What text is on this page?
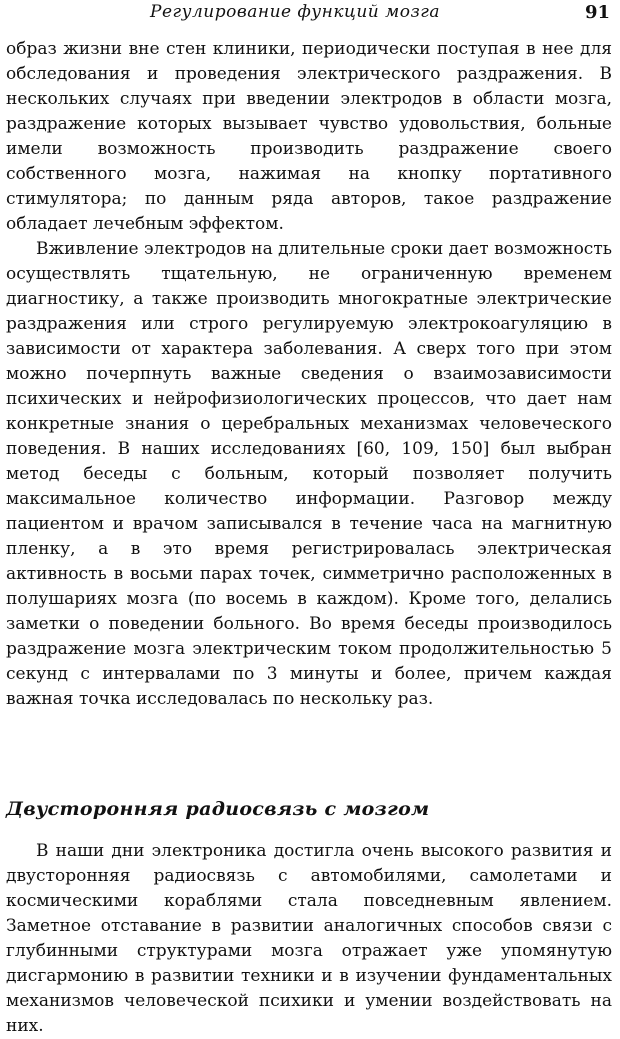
Регулирование функций мозга	91

образ жизни вне стен клиники, периодически поступая в нее для обследования и проведения электрического раздражения. В нескольких случаях при введении электродов в области мозга, раздражение которых вызывает чувство удовольствия, больные имели возможность производить раздражение своего собственного мозга, нажимая на кнопку портативного стимулятора; по данным ряда авторов, такое раздражение обладает лечебным эффектом.

Вживление электродов на длительные сроки дает возможность осуществлять тщательную, не ограниченную временем диагностику, а также производить многократные электрические раздражения или строго регулируемую электрокоагуляцию в зависимости от характера заболевания. А сверх того при этом можно почерпнуть важные сведения о взаимозависимости психических и нейрофизиологических процессов, что дает нам конкретные знания о церебральных механизмах человеческого поведения. В наших исследованиях [60, 109, 150] был выбран метод беседы с больным, который позволяет получить максимальное количество информации. Разговор между пациентом и врачом записывался в течение часа на магнитную пленку, а в это время регистрировалась электрическая активность в восьми парах точек, симметрично расположенных в полушариях мозга (по восемь в каждом). Кроме того, делались заметки о поведении больного. Во время беседы производилось раздражение мозга электрическим током продолжительностью 5 секунд с интервалами по 3 минуты и более, причем каждая важная точка исследовалась по нескольку раз.

Двусторонняя радиосвязь с мозгом

В наши дни электроника достигла очень высокого развития и двусторонняя радиосвязь с автомобилями, самолетами и космическими кораблями стала повседневным явлением. Заметное отставание в развитии аналогичных способов связи с глубинными структурами мозга отражает уже упомянутую дисгармонию в развитии техники и в изучении фундаментальных механизмов человеческой психики и умении воздействовать на них.
